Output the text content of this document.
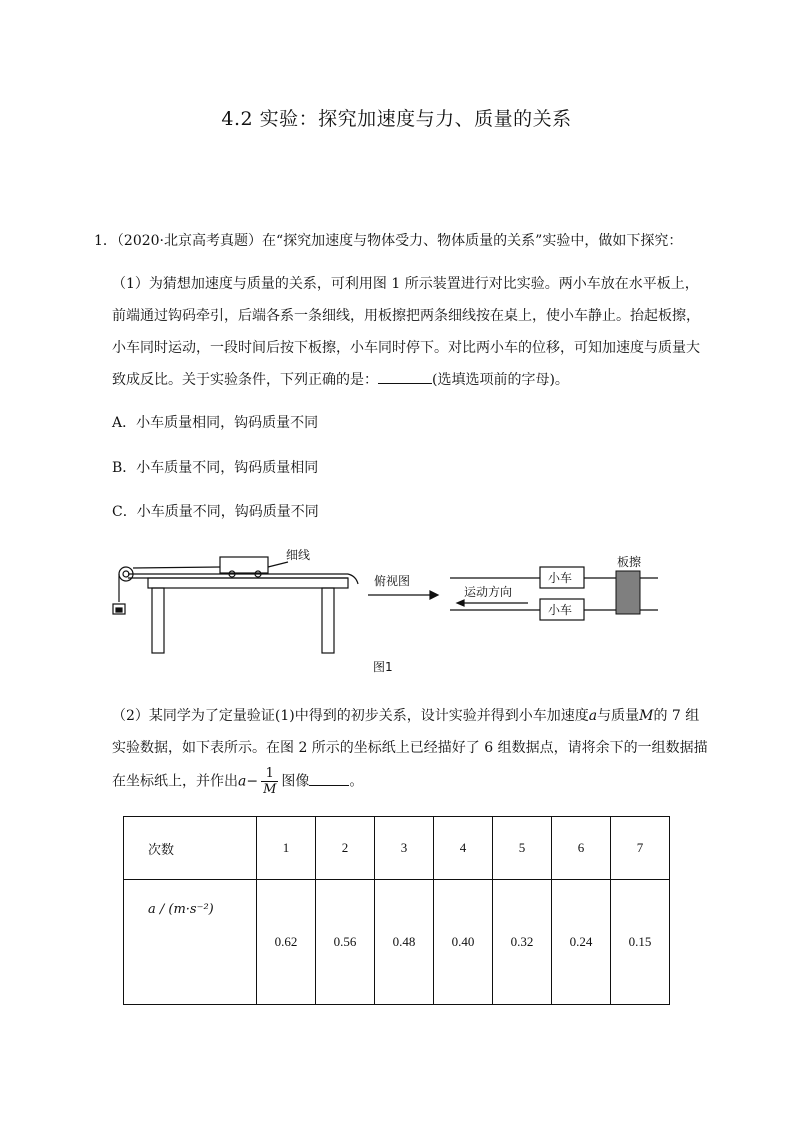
4.2 实验：探究加速度与力、质量的关系
1．（2020·北京高考真题）在“探究加速度与物体受力、物体质量的关系”实验中，做如下探究：
（1）为猜想加速度与质量的关系，可利用图 1 所示装置进行对比实验。两小车放在水平板上，
前端通过钩码牵引，后端各系一条细线，用板擦把两条细线按在桌上，使小车静止。抬起板擦，
小车同时运动，一段时间后按下板擦，小车同时停下。对比两小车的位移，可知加速度与质量大
致成反比。关于实验条件，下列正确的是：	(选填选项前的字母)。
A．小车质量相同，钩码质量不同
B．小车质量不同，钩码质量相同
C．小车质量不同，钩码质量不同
细线
俯视图	小车
小车
板擦
运动方向
图1
（2）某同学为了定量验证(1)中得到的初步关系，设计实验并得到小车加速度a与质量M的 7 组
实验数据，如下表所示。在图 2 所示的坐标纸上已经描好了 6 组数据点，请将余下的一组数据描
在坐标纸上，并作出$a- \frac{1}{M}$ 图像	。
次数	1	2	3	4	5	6	7
a / (m·s⁻²)	0.62	0.56	0.48	0.40	0.32	0.24	0.15
